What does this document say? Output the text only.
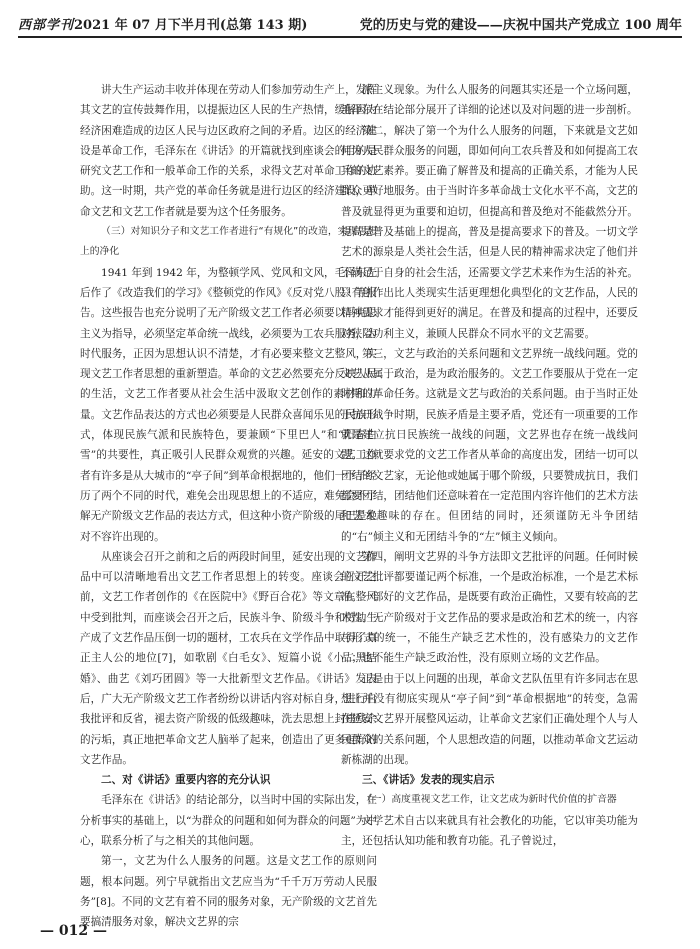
西部学刊2021 年 07 月下半月刊(总第 143 期)	党的历史与党的建设——庆祝中国共产党成立 100 周年

讲大生产运动丰收并体现在劳动人们参加劳动生产上，发挥其文艺的宣传鼓舞作用，以提振边区人民的生产热情，缓解因为经济困难造成的边区人民与边区政府之间的矛盾。边区的经济建设是革命工作，毛泽东在《讲话》的开篇就找到座谈会的目的是研究文艺工作和一般革命工作的关系，求得文艺对革命工作的协助。这一时期，共产党的革命任务就是进行边区的经济建设，革命文艺和文艺工作者就是要为这个任务服务。

（三）对知识分子和文艺工作者进行“有规化”的改造，实现思想上的净化

1941 年到 1942 年，为整顿学风、党风和文风，毛泽东先后作了《改造我们的学习》《整顿党的作风》《反对党八股》等报告。这些报告也充分说明了无产阶级文艺工作者必须要以马克思主义为指导，必须坚定革命统一战线，必须要为工农兵服务，为时代服务，正因为思想认识不清楚，才有必要来整文艺整风，实现文艺工作者思想的重新塑造。革命的文艺必然要充分反映人民的生活，文艺工作者要从社会生活中汲取文艺创作的素材和力量。文艺作品表达的方式也必须要是人民群众喜闻乐见的民族形式，体现民族气派和民族特色，要兼顾“下里巴人”和“阳春白雪”的共要性，真正吸引人民群众观赏的兴趣。延安的文艺工作者有许多是从大城市的“亭子间”到革命根据地的，他们一下子经历了两个不同的时代，难免会出现思想上的不适应，难免会不了解无产阶级文艺作品的表达方式，但这种小资产阶级的尾巴是绝对不容许出现的。

从座谈会召开之前和之后的两段时间里，延安出现的文艺作品中可以清晰地看出文艺工作者思想上的转变。座谈会召开之前，文艺工作者创作的《在医院中》《野百合花》等文章在整风中受到批判，而座谈会召开之后，民族斗争、阶级斗争和劳动生产成了文艺作品压倒一切的题材，工农兵在文学作品中取得了真正主人公的地位[7]，如歌剧《白毛女》、短篇小说《小二黑结婚》、曲艺《刘巧团圆》等一大批新型文艺作品。《讲话》发表后，广大无产阶级文艺工作者纷纷以讲话内容对标自身，进行自我批评和反省，褪去资产阶级的低级趣味，洗去思想上封建残余的污垢，真正地把革命文艺人脑举了起来，创造出了更多更好的文艺作品。

二、对《讲话》重要内容的充分认识

毛泽东在《讲话》的结论部分，以当时中国的实际出发，在分析事实的基础上，以“为群众的问题和如何为群众的问题”为中心，联系分析了与之相关的其他问题。

第一，文艺为什么人服务的问题。这是文艺工作的原则问题，根本问题。列宁早就指出文艺应当为“千千万万劳动人民服务”[8]。不同的文艺有着不同的服务对象，无产阶级的文艺首先要搞清服务对象，解决文艺界的宗

派主义现象。为什么人服务的问题其实还是一个立场问题，毛泽东在结论部分展开了详细的论述以及对问题的进一步剖析。

第二，解决了第一个为什么人服务的问题，下来就是文艺如何为人民群众服务的问题，即如何向工农兵普及和如何提高工农兵的文艺素养。要正确了解普及和提高的正确关系，才能为人民群众更好地服务。由于当时许多革命战士文化水平不高，文艺的普及就显得更为重要和迫切，但提高和普及绝对不能截然分开。提高是普及基础上的提高，普及是提高要求下的普及。一切文学艺术的源泉是人类社会生活，但是人民的精神需求决定了他们并不满足于自身的社会生活，还需要文学艺术来作为生活的补充。只有创作出比人类现实生活更理想化典型化的文艺作品，人民的精神需求才能得到更好的满足。在普及和提高的过程中，还要反对狭隘功利主义，兼顾人民群众不同水平的文艺需要。

第三，文艺与政治的关系问题和文艺界统一战线问题。党的文艺从属于政治，是为政治服务的。文艺工作要服从于党在一定时期的革命任务。这就是文艺与政治的关系问题。由于当时正处于抗日战争时期，民族矛盾是主要矛盾，党还有一项重要的工作就是建立抗日民族统一战线的问题，文艺界也存在统一战线问题。这就要求党的文艺工作者从革命的高度出发，团结一切可以团结的文艺家，无论他或她属于哪个阶级，只要赞成抗日，我们都要团结，团结他们还意味着在一定范围内容许他们的艺术方法和艺术趣味的存在。但团结的同时，还须谨防无斗争团结的“右”倾主义和无团结斗争的“左”倾主义倾向。

第四，阐明文艺界的斗争方法即文艺批评的问题。任何时候的文艺批评都要谨记两个标准，一个是政治标准，一个是艺术标准。一部好的文艺作品，是既要有政治正确性，又要有较高的艺术性。无产阶级对于文艺作品的要求是政治和艺术的统一，内容与形式的统一，不能生产缺乏艺术性的，没有感染力的文艺作品；也不能生产缺乏政治性，没有原则立场的文艺作品。

正是由于以上问题的出现，革命文艺队伍里有许多同志在思想上并没有彻底实现从“亭子间”到“革命根据地”的转变，急需在延安文艺界开展整风运动，让革命文艺家们正确处理个人与人民群众的关系问题，个人思想改造的问题，以推动革命文艺运动新栋湖的出现。

三、《讲话》发表的现实启示

（一）高度重视文艺工作，让文艺成为新时代价值的扩音器

文学艺术自古以来就具有社会教化的功能，它以审美功能为主，还包括认知功能和教育功能。孔子曾说过，

— 012 —
